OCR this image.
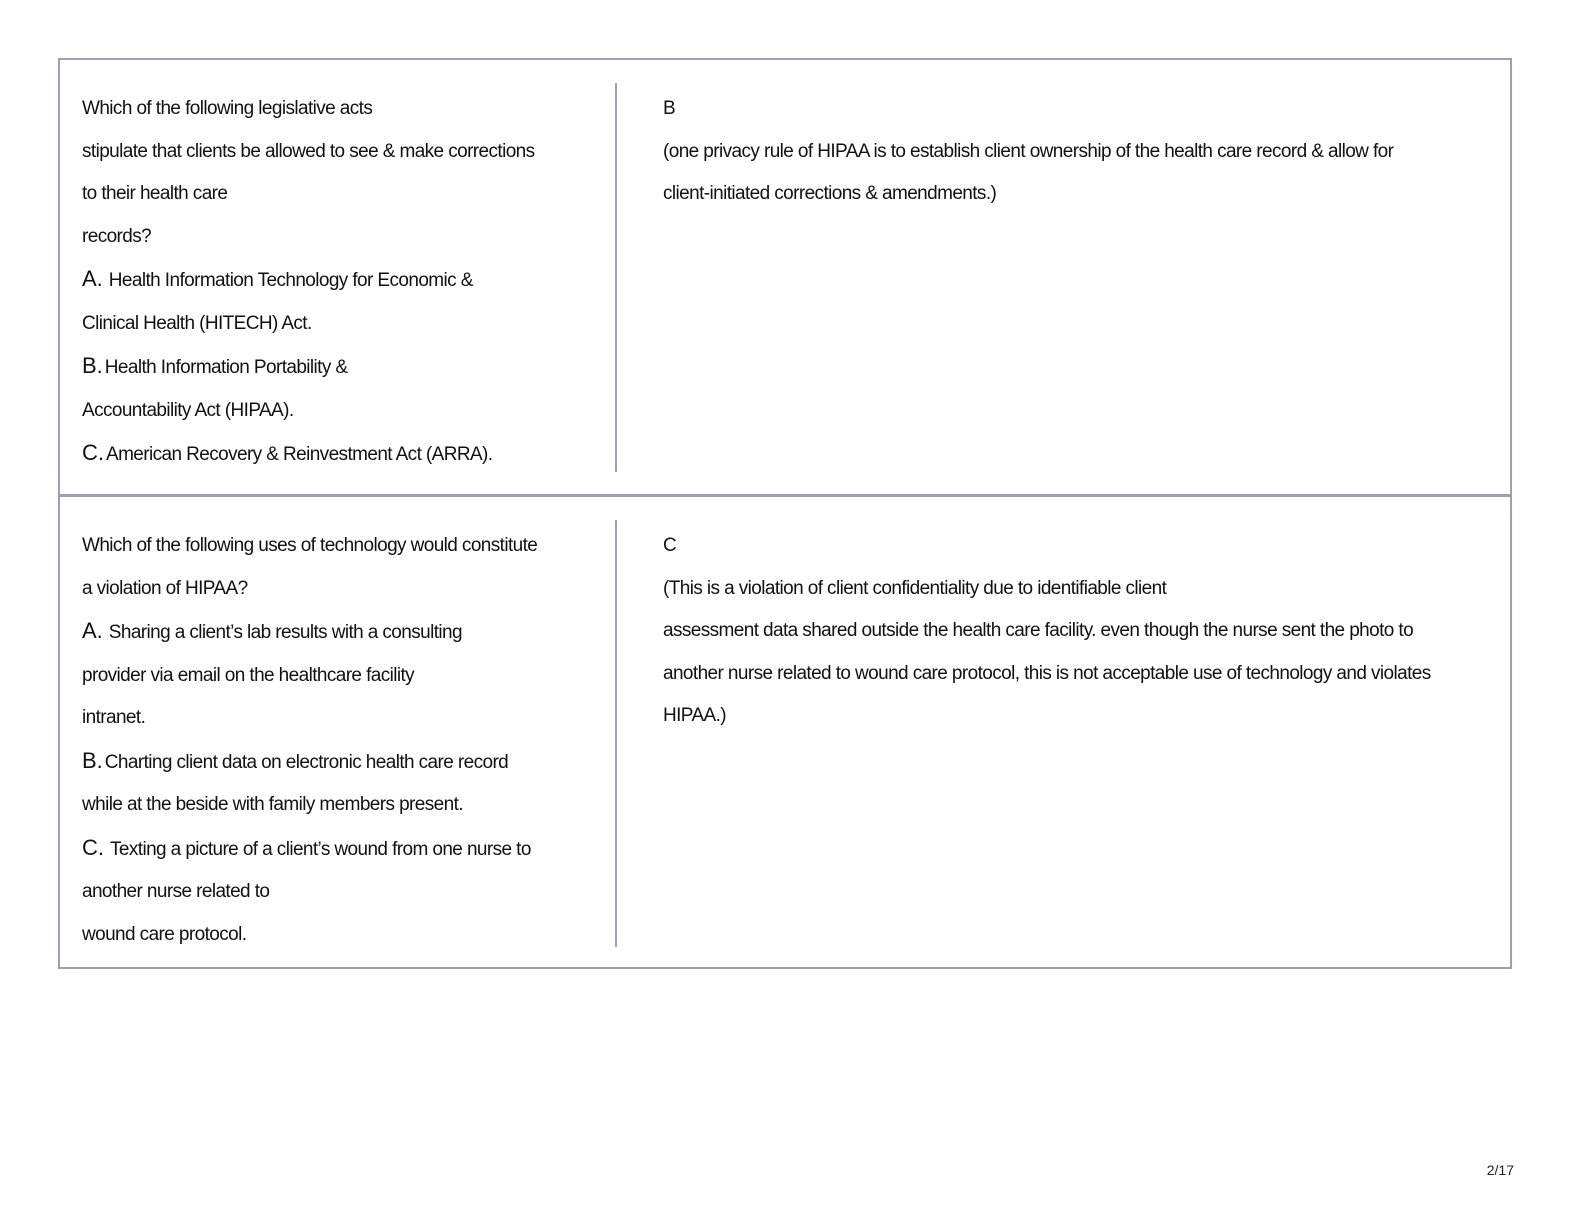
Which of the following legislative acts
stipulate that clients be allowed to see & make corrections
to their health care
records?
A. Health Information Technology for Economic &
Clinical Health (HITECH) Act.
B. Health Information Portability &
Accountability Act (HIPAA).
C. American Recovery & Reinvestment Act (ARRA).
B
(one privacy rule of HIPAA is to establish client ownership of the health care record & allow for
client-initiated corrections & amendments.)
Which of the following uses of technology would constitute
a violation of HIPAA?
A. Sharing a client’s lab results with a consulting
provider via email on the healthcare facility
intranet.
B. Charting client data on electronic health care record
while at the beside with family members present.
C. Texting a picture of a client’s wound from one nurse to
another nurse related to
wound care protocol.
C
(This is a violation of client confidentiality due to identifiable client
assessment data shared outside the health care facility. even though the nurse sent the photo to
another nurse related to wound care protocol, this is not acceptable use of technology and violates
HIPAA.)
2/17
